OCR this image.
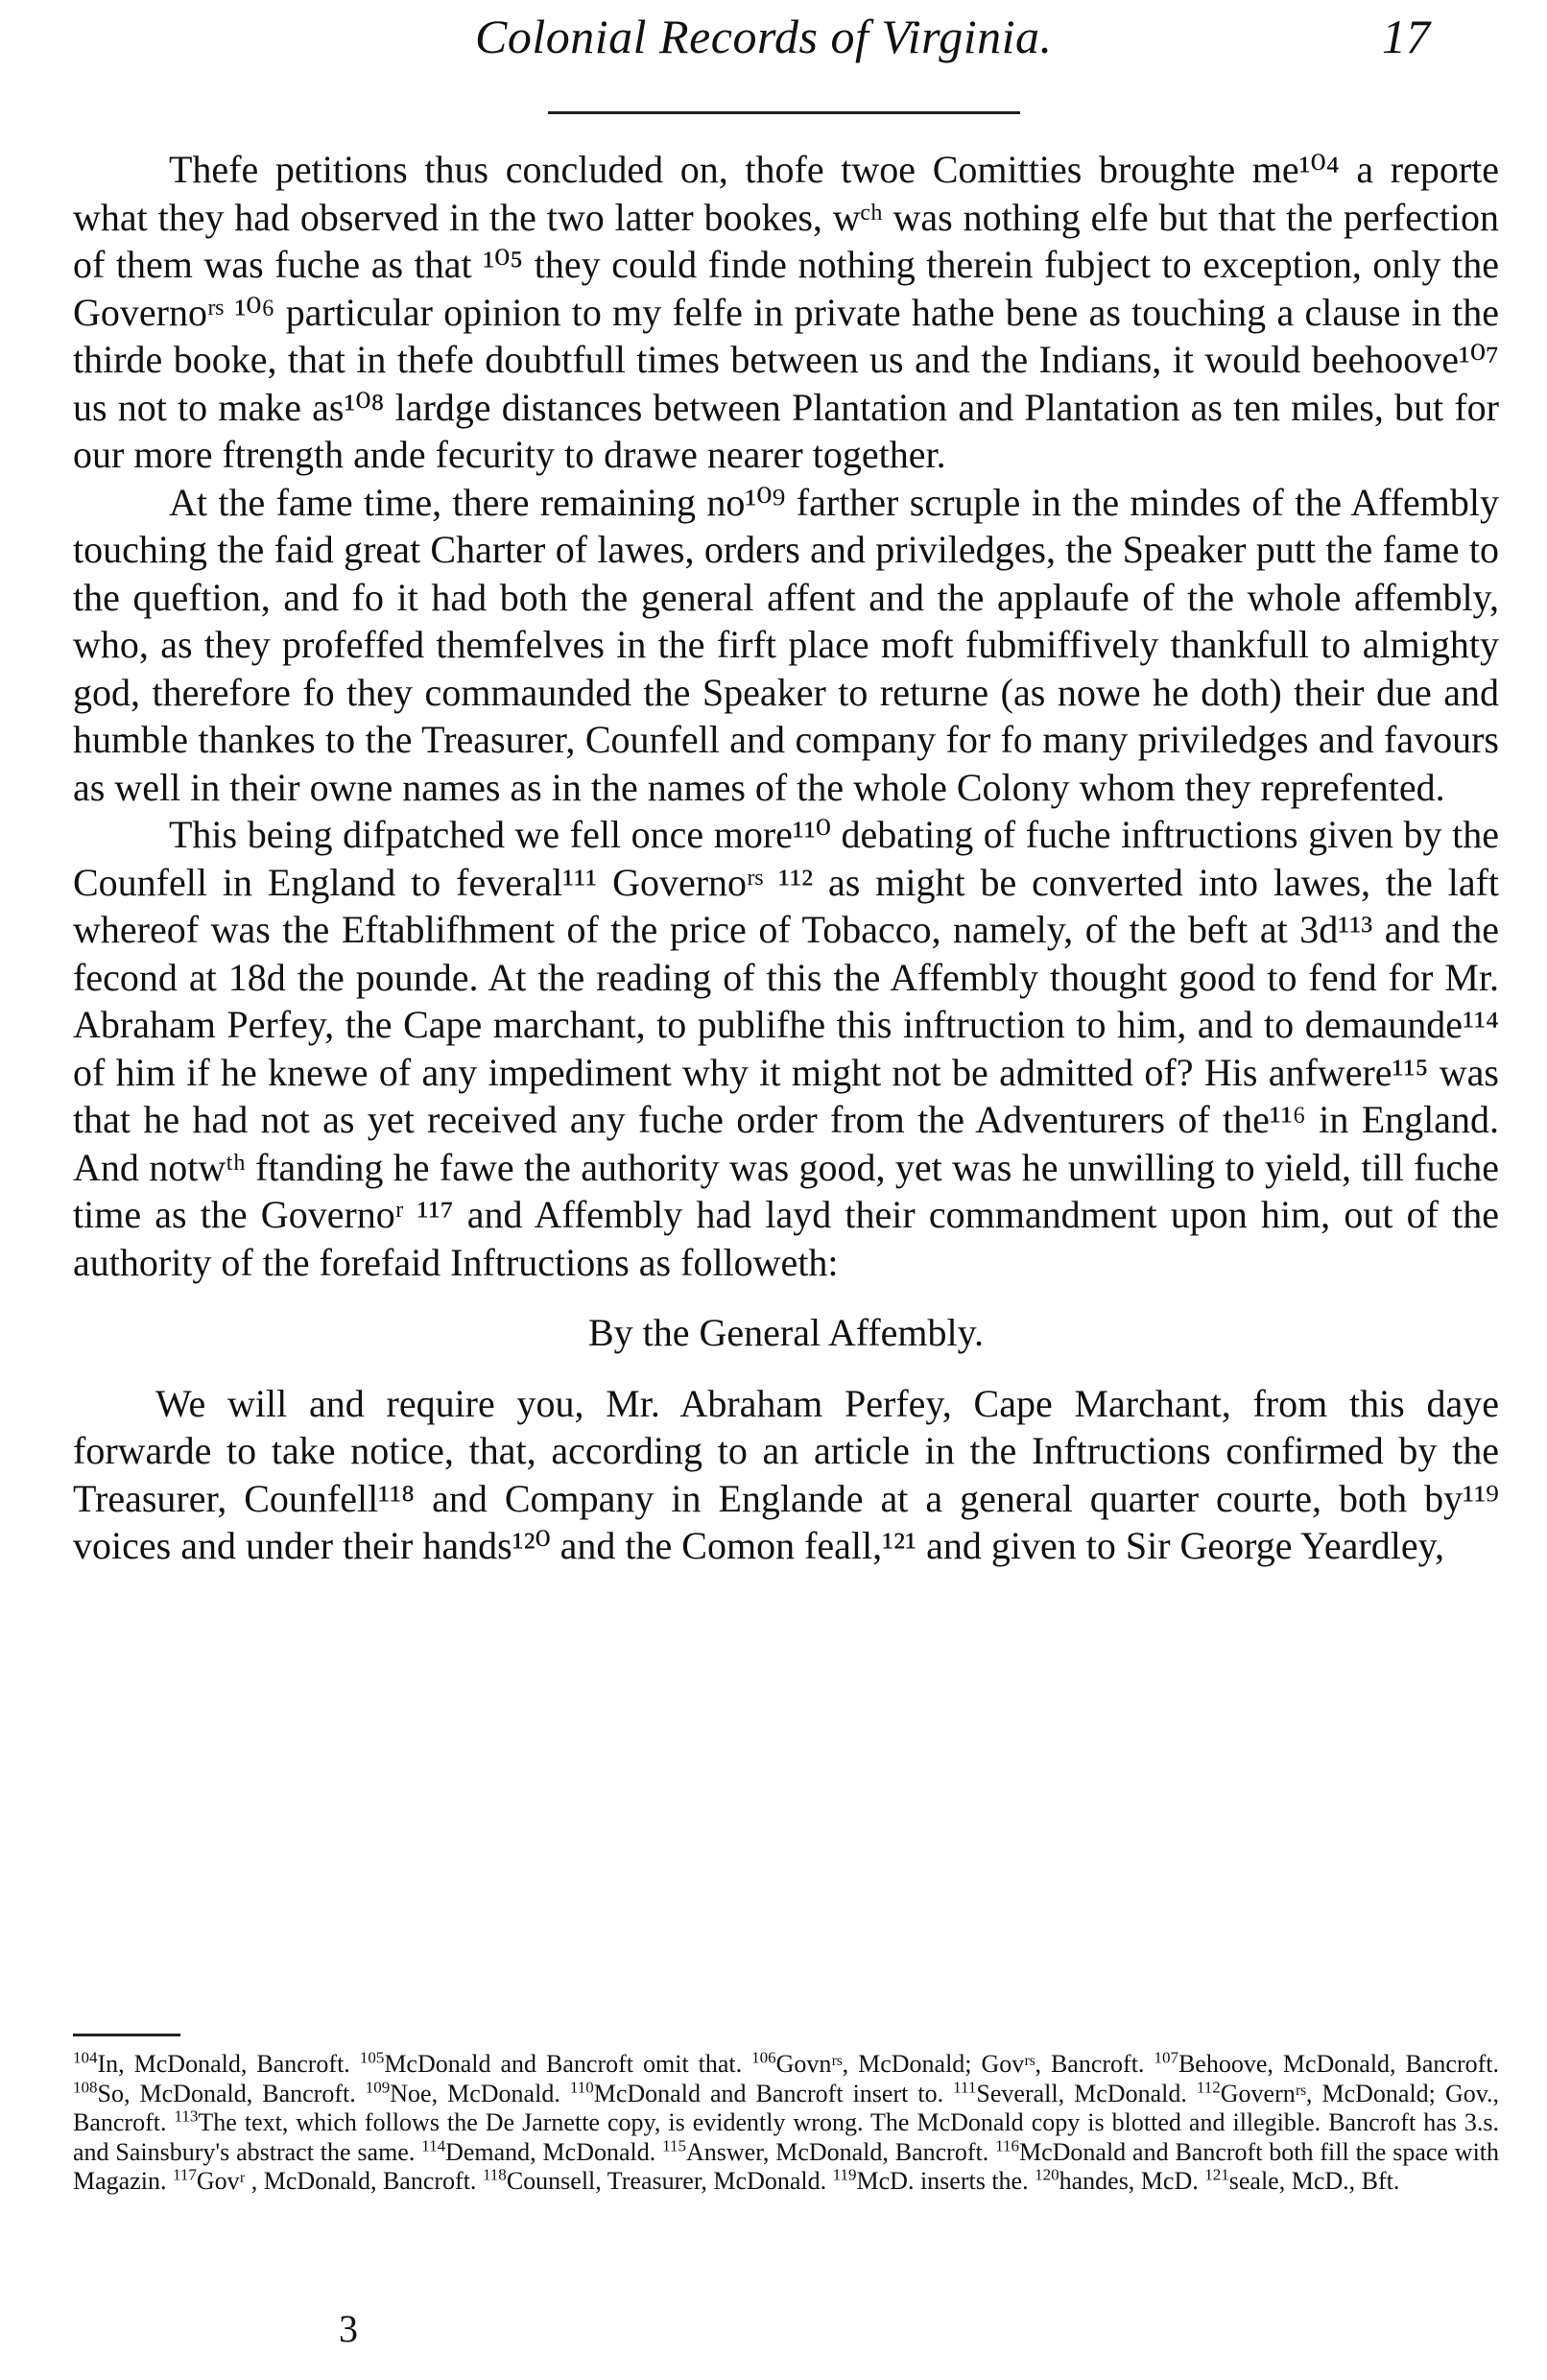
Colonial Records of Virginia.	17

Thefe petitions thus concluded on, thofe twoe Comitties broughte me¹⁰⁴ a reporte what they had observed in the two latter bookes, wᶜʰ was nothing elfe but that the perfection of them was fuche as that ¹⁰⁵ they could finde nothing therein fubject to exception, only the Governoʳˢ ¹⁰⁶ particular opinion to my felfe in private hathe bene as touching a clause in the thirde booke, that in thefe doubtfull times between us and the Indians, it would beehoove¹⁰⁷ us not to make as¹⁰⁸ lardge distances between Plantation and Plantation as ten miles, but for our more ftrength ande fecurity to drawe nearer together.

At the fame time, there remaining no¹⁰⁹ farther scruple in the mindes of the Affembly touching the faid great Charter of lawes, orders and priviledges, the Speaker putt the fame to the queftion, and fo it had both the general affent and the applaufe of the whole affembly, who, as they profeffed themfelves in the firft place moft fubmiffively thankfull to almighty god, therefore fo they commaunded the Speaker to returne (as nowe he doth) their due and humble thankes to the Treasurer, Counfell and company for fo many priviledges and favours as well in their owne names as in the names of the whole Colony whom they reprefented.

This being difpatched we fell once more¹¹⁰ debating of fuche inftructions given by the Counfell in England to feveral¹¹¹ Governoʳˢ ¹¹² as might be converted into lawes, the laft whereof was the Eftablifhment of the price of Tobacco, namely, of the beft at 3d¹¹³ and the fecond at 18d the pounde. At the reading of this the Affembly thought good to fend for Mr. Abraham Perfey, the Cape marchant, to publifhe this inftruction to him, and to demaunde¹¹⁴ of him if he knewe of any impediment why it might not be admitted of? His anfwere¹¹⁵ was that he had not as yet received any fuche order from the Adventurers of the¹¹⁶ in England. And notwᵗʰ ftanding he fawe the authority was good, yet was he unwilling to yield, till fuche time as the Governoʳ ¹¹⁷ and Affembly had layd their commandment upon him, out of the authority of the forefaid Inftructions as followeth:

By the General Affembly.

We will and require you, Mr. Abraham Perfey, Cape Marchant, from this daye forwarde to take notice, that, according to an article in the Inftructions confirmed by the Treasurer, Counfell¹¹⁸ and Company in Englande at a general quarter courte, both by¹¹⁹ voices and under their hands¹²⁰ and the Comon feall,¹²¹ and given to Sir George Yeardley,

$^{104}$In, McDonald, Bancroft. $^{105}$McDonald and Bancroft omit that. $^{106}$Govnʳˢ, McDonald; Govʳˢ, Bancroft. $^{107}$Behoove, McDonald, Bancroft. $^{108}$So, McDonald, Bancroft. $^{109}$Noe, McDonald. $^{110}$McDonald and Bancroft insert to. $^{111}$Severall, McDonald. $^{112}$Governʳˢ, McDonald; Gov., Bancroft. $^{113}$The text, which follows the De Jarnette copy, is evidently wrong. The McDonald copy is blotted and illegible. Bancroft has 3.s. and Sainsbury's abstract the same. $^{114}$Demand, McDonald. $^{115}$Answer, McDonald, Bancroft. $^{116}$McDonald and Bancroft both fill the space with Magazin. $^{117}$Govʳ , McDonald, Bancroft. $^{118}$Counsell, Treasurer, McDonald. $^{119}$McD. inserts the. $^{120}$handes, McD. $^{121}$seale, McD., Bft.
3
